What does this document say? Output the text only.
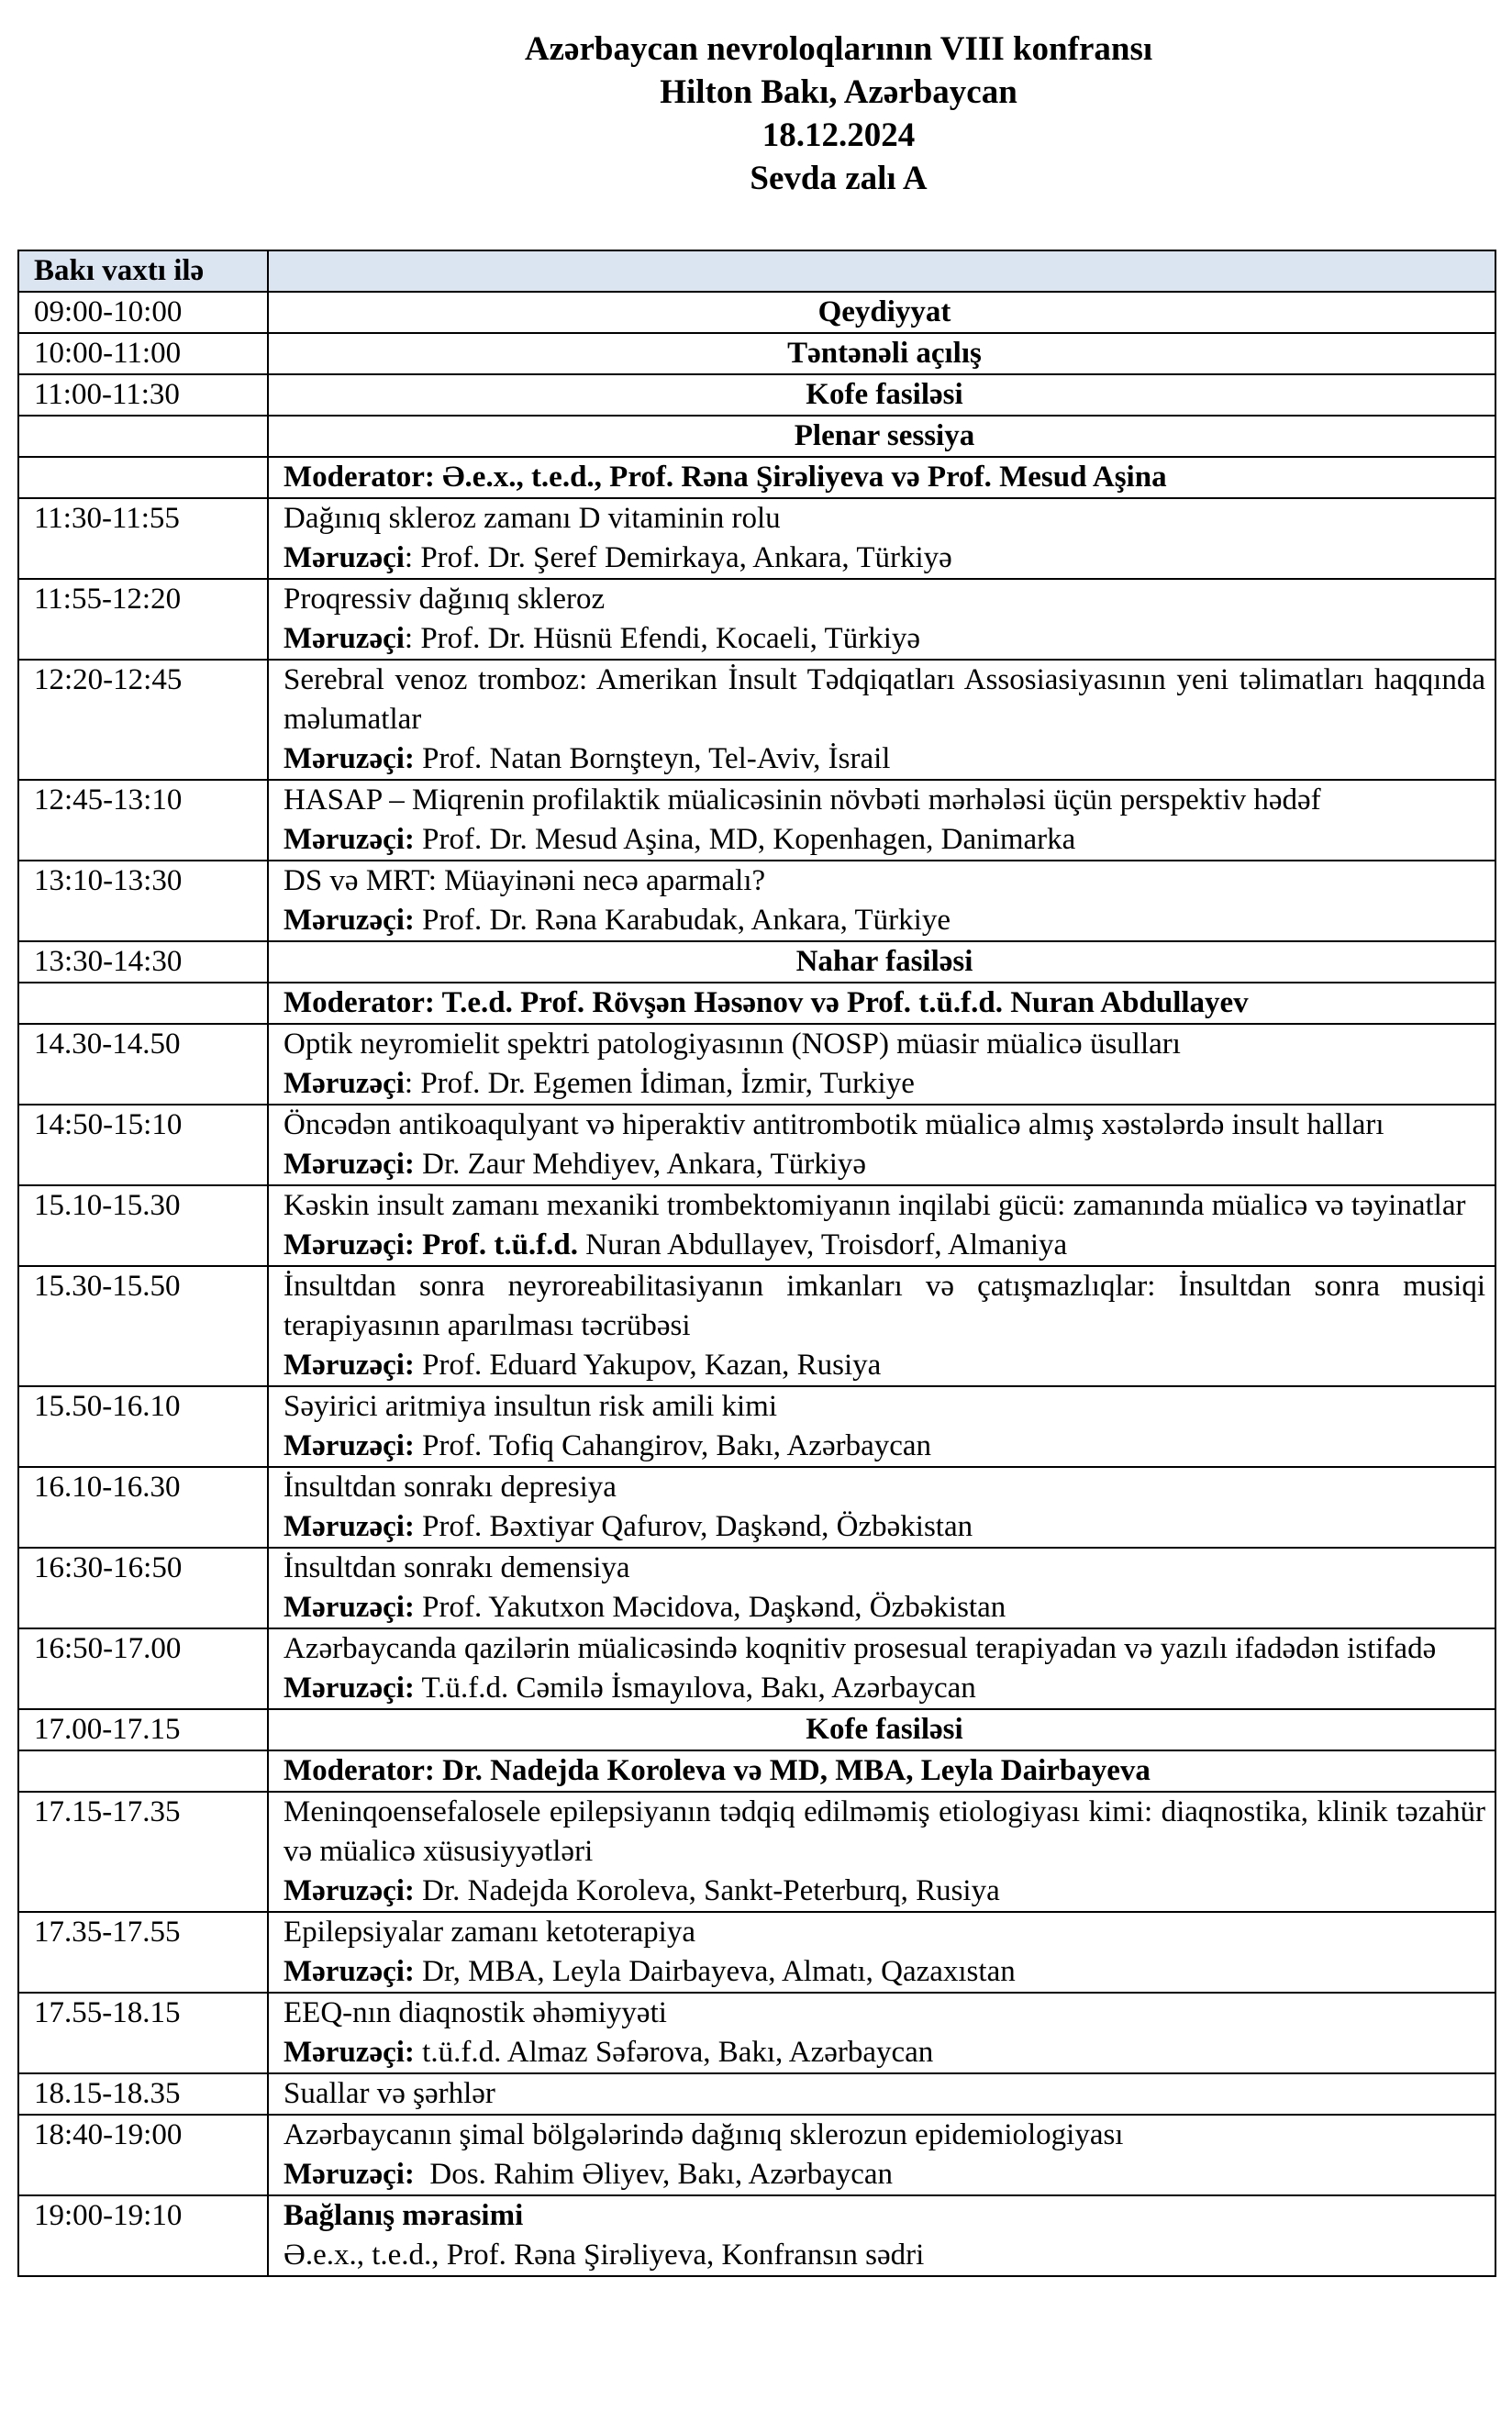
Azərbaycan nevroloqlarının VIII konfransı
Hilton Bakı, Azərbaycan
18.12.2024
Sevda zalı A
Bakı vaxtı ilə	
09:00-10:00	Qeydiyyat
10:00-11:00	Təntənəli açılış
11:00-11:30	Kofe fasiləsi
	Plenar sessiya
	Moderator: Ə.e.x., t.e.d., Prof. Rəna Şirəliyeva və Prof. Mesud Aşina
11:30-11:55	Dağınıq skleroz zamanı D vitaminin rolu
Məruzəçi: Prof. Dr. Şeref Demirkaya, Ankara, Türkiyə

11:55-12:20	Proqressiv dağınıq skleroz
Məruzəçi: Prof. Dr. Hüsnü Efendi, Kocaeli, Türkiyə

12:20-12:45	Serebral venoz tromboz: Amerikan İnsult Tədqiqatları Assosiasiyasının yeni təlimatları haqqında məlumatlar
Məruzəçi: Prof. Natan Bornşteyn, Tel-Aviv, İsrail

12:45-13:10	HASAP – Miqrenin profilaktik müalicəsinin növbəti mərhələsi üçün perspektiv hədəf
Məruzəçi: Prof. Dr. Mesud Aşina, MD, Kopenhagen, Danimarka

13:10-13:30	DS və MRT: Müayinəni necə aparmalı?
Məruzəçi: Prof. Dr. Rəna Karabudak, Ankara, Türkiye

13:30-14:30	Nahar fasiləsi
	Moderator: T.e.d. Prof. Rövşən Həsənov və Prof. t.ü.f.d. Nuran Abdullayev
14.30-14.50	Optik neyromielit spektri patologiyasının (NOSP) müasir müalicə üsulları
Məruzəçi: Prof. Dr. Egemen İdiman, İzmir, Turkiye

14:50-15:10	Öncədən antikoaqulyant və hiperaktiv antitrombotik müalicə almış xəstələrdə insult halları
Məruzəçi: Dr. Zaur Mehdiyev, Ankara, Türkiyə

15.10-15.30	Kəskin insult zamanı mexaniki trombektomiyanın inqilabi gücü: zamanında müalicə və təyinatlar
Məruzəçi: Prof. t.ü.f.d. Nuran Abdullayev, Troisdorf, Almaniya

15.30-15.50	İnsultdan sonra neyroreabilitasiyanın imkanları və çatışmazlıqlar: İnsultdan sonra musiqi terapiyasının aparılması təcrübəsi
Məruzəçi: Prof. Eduard Yakupov, Kazan, Rusiya

15.50-16.10	Səyirici aritmiya insultun risk amili kimi
Məruzəçi: Prof. Tofiq Cahangirov, Bakı, Azərbaycan

16.10-16.30	İnsultdan sonrakı depresiya
Məruzəçi: Prof. Bəxtiyar Qafurov, Daşkənd, Özbəkistan

16:30-16:50	İnsultdan sonrakı demensiya
Məruzəçi: Prof. Yakutxon Məcidova, Daşkənd, Özbəkistan

16:50-17.00	Azərbaycanda qazilərin müalicəsində koqnitiv prosesual terapiyadan və yazılı ifadədən istifadə
Məruzəçi: T.ü.f.d. Cəmilə İsmayılova, Bakı, Azərbaycan

17.00-17.15	Kofe fasiləsi
	Moderator: Dr. Nadejda Koroleva və MD, MBA, Leyla Dairbayeva
17.15-17.35	Meninqoensefalosele epilepsiyanın tədqiq edilməmiş etiologiyası kimi: diaqnostika, klinik təzahür və müalicə xüsusiyyətləri
Məruzəçi: Dr. Nadejda Koroleva, Sankt-Peterburq, Rusiya

17.35-17.55	Epilepsiyalar zamanı ketoterapiya
Məruzəçi: Dr, MBA, Leyla Dairbayeva, Almatı, Qazaxıstan

17.55-18.15	EEQ-nın diaqnostik əhəmiyyəti
Məruzəçi: t.ü.f.d. Almaz Səfərova, Bakı, Azərbaycan

18.15-18.35	Suallar və şərhlər

18:40-19:00	Azərbaycanın şimal bölgələrində dağınıq sklerozun epidemiologiyası
Məruzəçi:  Dos. Rahim Əliyev, Bakı, Azərbaycan

19:00-19:10	Bağlanış mərasimi
Ə.e.x., t.e.d., Prof. Rəna Şirəliyeva, Konfransın sədri
